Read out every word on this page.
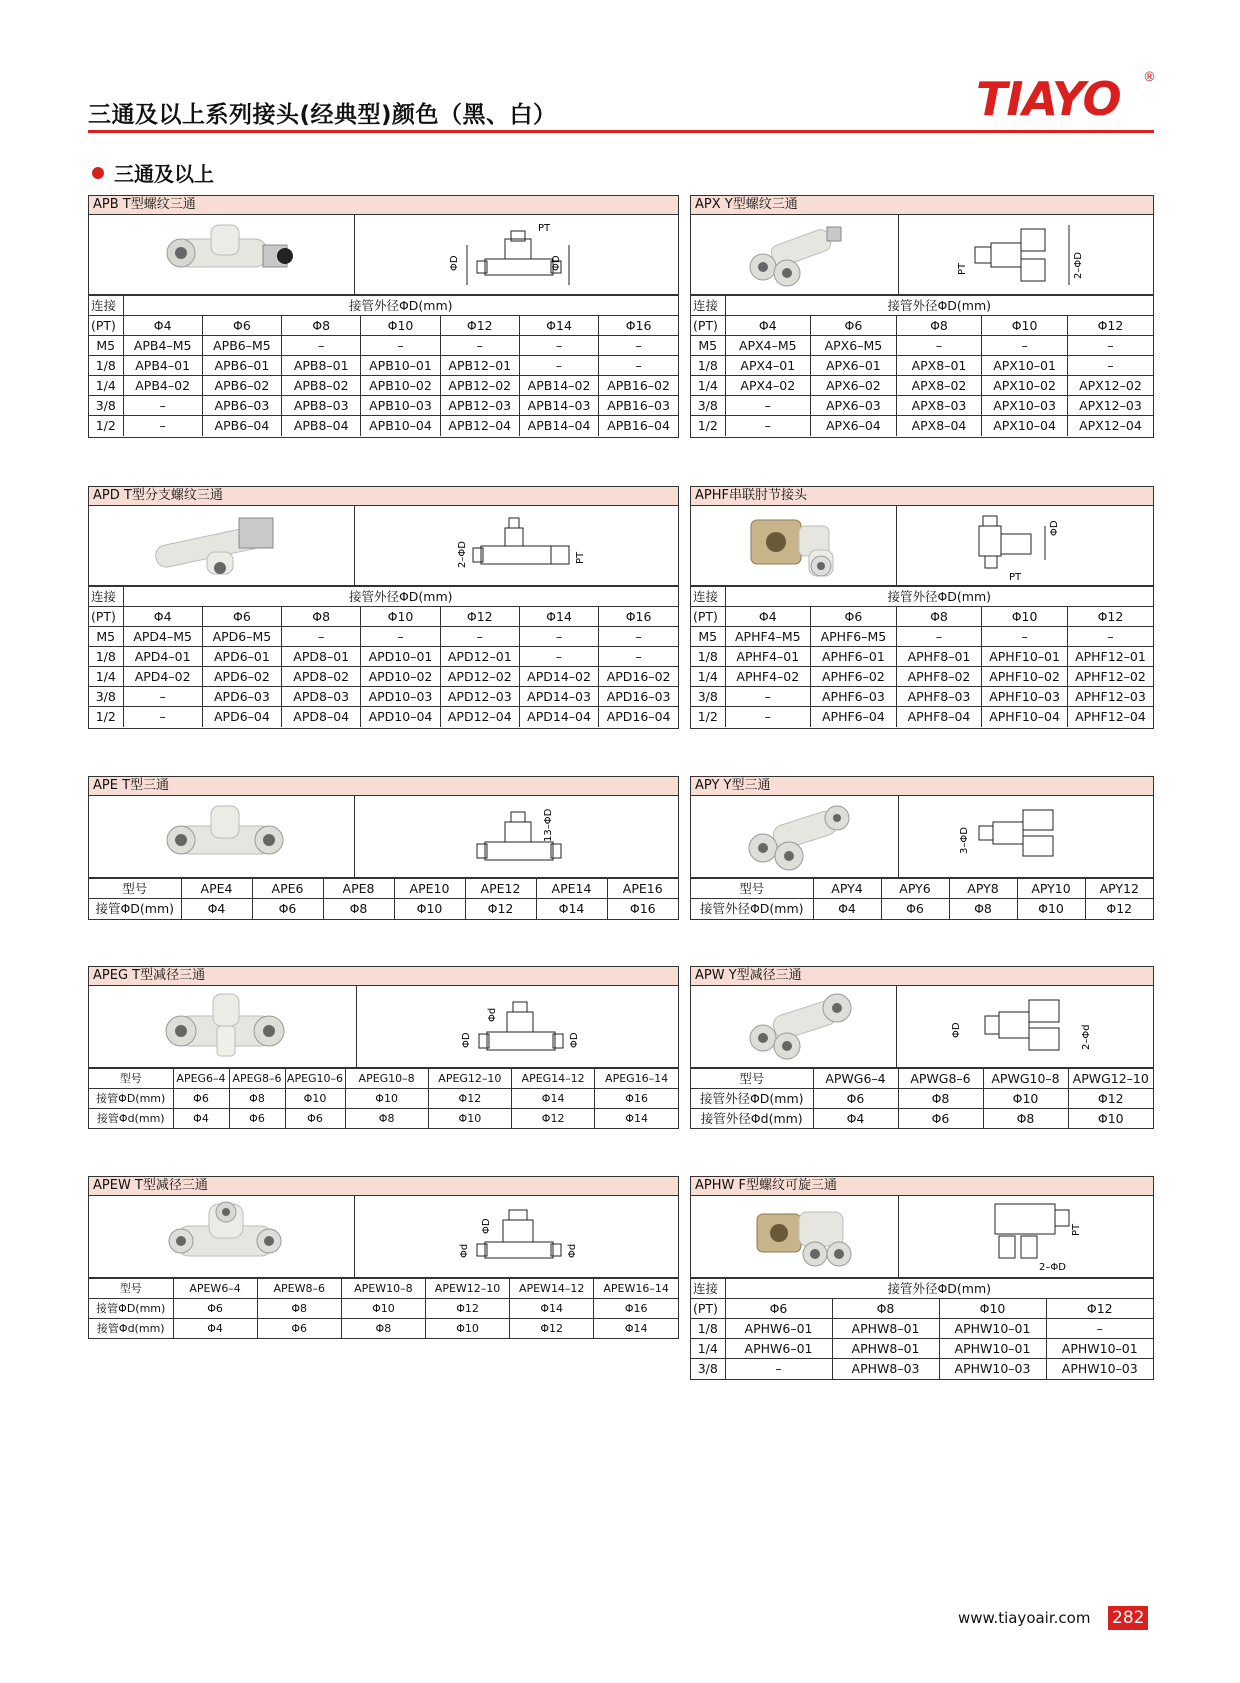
三通及以上系列接头(经典型)颜色（黑、白）	TIAYO ®
三通及以上
APB T型螺纹三通
ΦD	ΦD
PT
连接	接管外径ΦD(mm)						
(PT)	Φ4	Φ6	Φ8	Φ10	Φ12	Φ14	Φ16
M5	APB4–M5	APB6–M5	–	–	–	–	–
1/8	APB4–01	APB6–01	APB8–01	APB10–01	APB12–01	–	–
1/4	APB4–02	APB6–02	APB8–02	APB10–02	APB12–02	APB14–02	APB16–02
3/8	–	APB6–03	APB8–03	APB10–03	APB12–03	APB14–03	APB16–03
1/2	–	APB6–04	APB8–04	APB10–04	APB12–04	APB14–04	APB16–04
APX Y型螺纹三通
PT	2–ΦD
连接	接管外径ΦD(mm)				
(PT)	Φ4	Φ6	Φ8	Φ10	Φ12
M5	APX4–M5	APX6–M5	–	–	–
1/8	APX4–01	APX6–01	APX8–01	APX10–01	–
1/4	APX4–02	APX6–02	APX8–02	APX10–02	APX12–02
3/8	–	APX6–03	APX8–03	APX10–03	APX12–03
1/2	–	APX6–04	APX8–04	APX10–04	APX12–04
APD T型分支螺纹三通
2–ΦD	PT
连接	接管外径ΦD(mm)						
(PT)	Φ4	Φ6	Φ8	Φ10	Φ12	Φ14	Φ16
M5	APD4–M5	APD6–M5	–	–	–	–	–
1/8	APD4–01	APD6–01	APD8–01	APD10–01	APD12–01	–	–
1/4	APD4–02	APD6–02	APD8–02	APD10–02	APD12–02	APD14–02	APD16–02
3/8	–	APD6–03	APD8–03	APD10–03	APD12–03	APD14–03	APD16–03
1/2	–	APD6–04	APD8–04	APD10–04	APD12–04	APD14–04	APD16–04
APHF串联肘节接头
ΦD
PT
连接	接管外径ΦD(mm)				
(PT)	Φ4	Φ6	Φ8	Φ10	Φ12
M5	APHF4–M5	APHF6–M5	–	–	–
1/8	APHF4–01	APHF6–01	APHF8–01	APHF10–01	APHF12–01
1/4	APHF4–02	APHF6–02	APHF8–02	APHF10–02	APHF12–02
3/8	–	APHF6–03	APHF8–03	APHF10–03	APHF12–03
1/2	–	APHF6–04	APHF8–04	APHF10–04	APHF12–04
APE T型三通
13–ΦD
型号	APE4	APE6	APE8	APE10	APE12	APE14	APE16
接管ΦD(mm)	Φ4	Φ6	Φ8	Φ10	Φ12	Φ14	Φ16
APY Y型三通
3–ΦD
型号	APY4	APY6	APY8	APY10	APY12
接管外径ΦD(mm)	Φ4	Φ6	Φ8	Φ10	Φ12
APEG T型减径三通
ΦD
Φd
ΦD
型号	APEG6–4	APEG8–6	APEG10–6	APEG10–8	APEG12–10	APEG14–12	APEG16–14
接管ΦD(mm)	Φ6	Φ8	Φ10	Φ10	Φ12	Φ14	Φ16
接管Φd(mm)	Φ4	Φ6	Φ6	Φ8	Φ10	Φ12	Φ14
APW Y型减径三通
ΦD	2–Φd
型号	APWG6–4	APWG8–6	APWG10–8	APWG12–10
接管外径ΦD(mm)	Φ6	Φ8	Φ10	Φ12
接管外径Φd(mm)	Φ4	Φ6	Φ8	Φ10
APEW T型减径三通
Φd
ΦD
Φd
型号	APEW6–4	APEW8–6	APEW10–8	APEW12–10	APEW14–12	APEW16–14
接管ΦD(mm)	Φ6	Φ8	Φ10	Φ12	Φ14	Φ16
接管Φd(mm)	Φ4	Φ6	Φ8	Φ10	Φ12	Φ14
APHW F型螺纹可旋三通
PT
2–ΦD
连接	接管外径ΦD(mm)			
(PT)	Φ6	Φ8	Φ10	Φ12
1/8	APHW6–01	APHW8–01	APHW10–01	–
1/4	APHW6–01	APHW8–01	APHW10–01	APHW10–01
3/8	–	APHW8–03	APHW10–03	APHW10–03
www.tiayoair.com 282
